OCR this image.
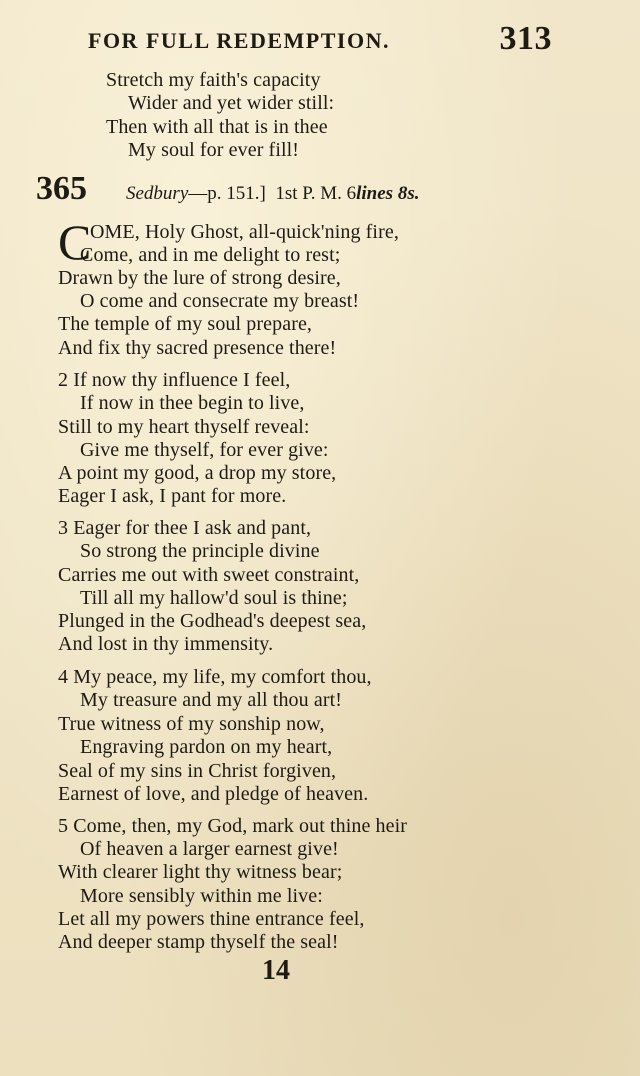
FOR FULL REDEMPTION.	313
Stretch my faith's capacity
Wider and yet wider still:
Then with all that is in thee
My soul for ever fill!
365 Sedbury—p. 151.] 1st P. M. 6lines 8s.
C
OME, Holy Ghost, all-quick'ning fire,
Come, and in me delight to rest;
Drawn by the lure of strong desire,
O come and consecrate my breast!
The temple of my soul prepare,
And fix thy sacred presence there!
2 If now thy influence I feel,
If now in thee begin to live,
Still to my heart thyself reveal:
Give me thyself, for ever give:
A point my good, a drop my store,
Eager I ask, I pant for more.
3 Eager for thee I ask and pant,
So strong the principle divine
Carries me out with sweet constraint,
Till all my hallow'd soul is thine;
Plunged in the Godhead's deepest sea,
And lost in thy immensity.
4 My peace, my life, my comfort thou,
My treasure and my all thou art!
True witness of my sonship now,
Engraving pardon on my heart,
Seal of my sins in Christ forgiven,
Earnest of love, and pledge of heaven.
5 Come, then, my God, mark out thine heir
Of heaven a larger earnest give!
With clearer light thy witness bear;
More sensibly within me live:
Let all my powers thine entrance feel,
And deeper stamp thyself the seal!
14
